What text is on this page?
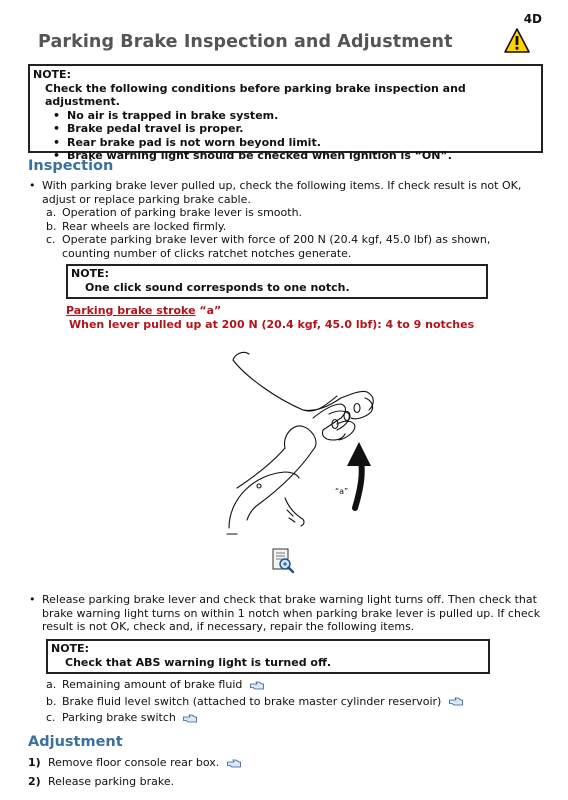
4D
Parking Brake Inspection and Adjustment
NOTE:
Check the following conditions before parking brake inspection and adjustment.
• No air is trapped in brake system.
• Brake pedal travel is proper.
• Rear brake pad is not worn beyond limit.
• Brake warning light should be checked when ignition is “ON”.
Inspection
• With parking brake lever pulled up, check the following items. If check result is not OK, adjust or replace parking brake cable.
a. Operation of parking brake lever is smooth.
b. Rear wheels are locked firmly.
c. Operate parking brake lever with force of 200 N (20.4 kgf, 45.0 lbf) as shown, counting number of clicks ratchet notches generate.
NOTE:
One click sound corresponds to one notch.
Parking brake stroke “a”
When lever pulled up at 200 N (20.4 kgf, 45.0 lbf): 4 to 9 notches
“a”
• Release parking brake lever and check that brake warning light turns off. Then check that brake warning light turns on within 1 notch when parking brake lever is pulled up. If check result is not OK, check and, if necessary, repair the following items.
NOTE:
Check that ABS warning light is turned off.
a. Remaining amount of brake fluid
b. Brake fluid level switch (attached to brake master cylinder reservoir)
c. Parking brake switch
Adjustment
1) Remove floor console rear box.
2) Release parking brake.
